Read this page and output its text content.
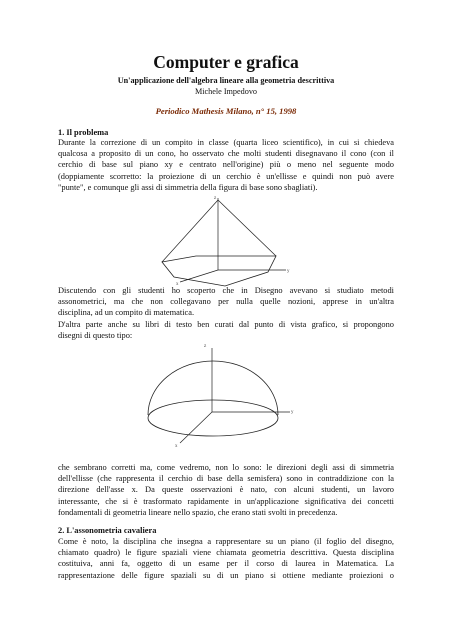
Computer e grafica
Un'applicazione dell'algebra lineare alla geometria descrittiva
Michele Impedovo
Periodico Mathesis Milano, n° 15, 1998
1. Il problema
Durante la correzione di un compito in classe (quarta liceo scientifico), in cui si chiedeva
qualcosa a proposito di un cono, ho osservato che molti studenti disegnavano il cono (con il
cerchio di base sul piano xy e centrato nell'origine) più o meno nel seguente modo
(doppiamente scorretto: la proiezione di un cerchio è un'ellisse e quindi non può avere
"punte", e comunque gli assi di simmetria della figura di base sono sbagliati).
Discutendo con gli studenti ho scoperto che in Disegno avevano si studiato metodi
assonometrici, ma che non collegavano per nulla quelle nozioni, apprese in un'altra
disciplina, ad un compito di matematica.
D'altra parte anche su libri di testo ben curati dal punto di vista grafico, si propongono
disegni di questo tipo:
che sembrano corretti ma, come vedremo, non lo sono: le direzioni degli assi di simmetria
dell'ellisse (che rappresenta il cerchio di base della semisfera) sono in contraddizione con la
direzione dell'asse x. Da queste osservazioni è nato, con alcuni studenti, un lavoro
interessante, che si è trasformato rapidamente in un'applicazione significativa dei concetti
fondamentali di geometria lineare nello spazio, che erano stati svolti in precedenza.
2. L'assonometria cavaliera
Come è noto, la disciplina che insegna a rappresentare su un piano (il foglio del disegno,
chiamato quadro) le figure spaziali viene chiamata geometria descrittiva. Questa disciplina
costituiva, anni fa, oggetto di un esame per il corso di laurea in Matematica. La
rappresentazione delle figure spaziali su di un piano si ottiene mediante proiezioni o
z
y
x
z
y
x
